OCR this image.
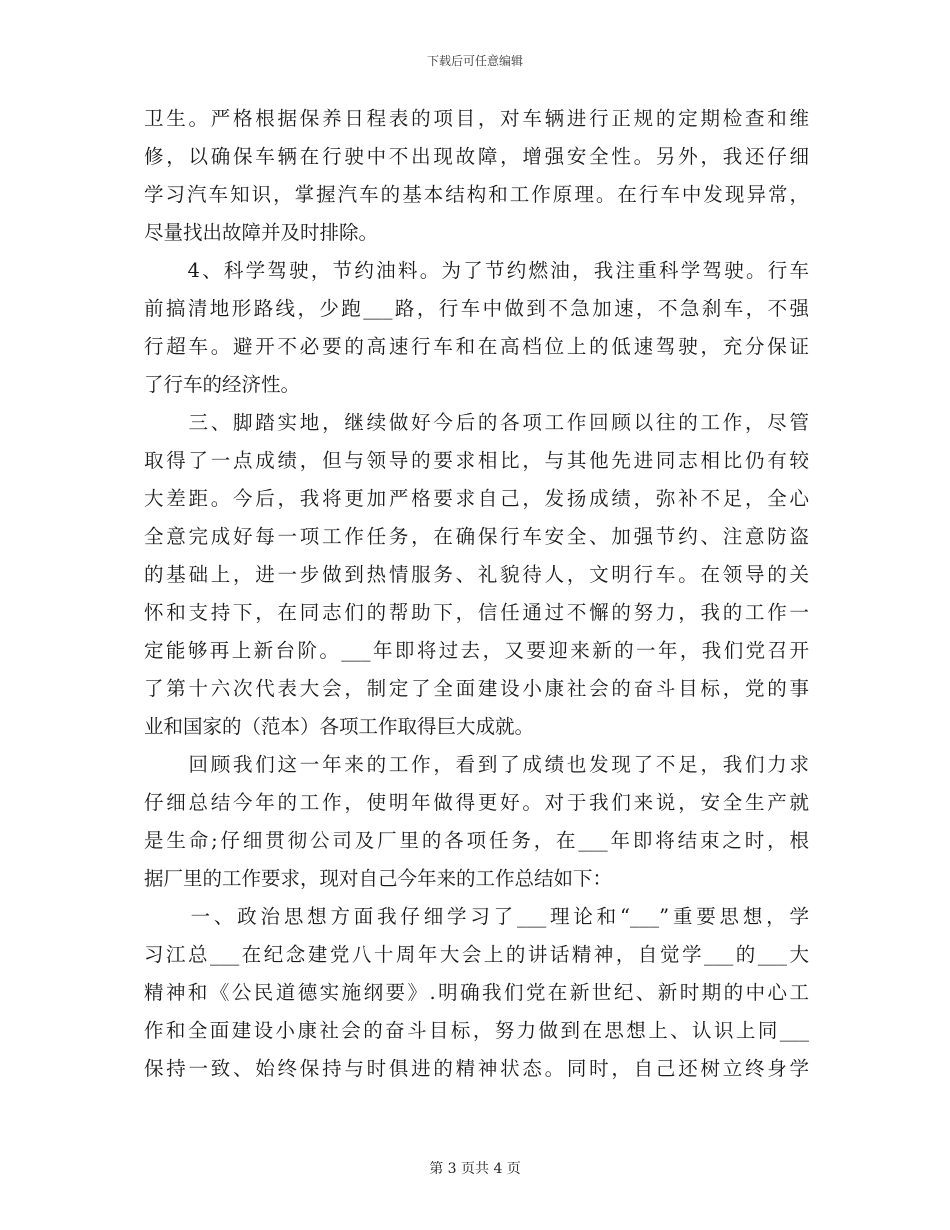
下载后可任意编辑
卫生。严格根据保养日程表的项目，对车辆进行正规的定期检查和维
修，以确保车辆在行驶中不出现故障，增强安全性。另外，我还仔细
学习汽车知识，掌握汽车的基本结构和工作原理。在行车中发现异常，
尽量找出故障并及时排除。
　　4、科学驾驶，节约油料。为了节约燃油，我注重科学驾驶。行车
前搞清地形路线，少跑___路，行车中做到不急加速，不急刹车，不强
行超车。避开不必要的高速行车和在高档位上的低速驾驶，充分保证
了行车的经济性。
　　三、脚踏实地，继续做好今后的各项工作回顾以往的工作，尽管
取得了一点成绩，但与领导的要求相比，与其他先进同志相比仍有较
大差距。今后，我将更加严格要求自己，发扬成绩，弥补不足，全心
全意完成好每一项工作任务，在确保行车安全、加强节约、注意防盗
的基础上，进一步做到热情服务、礼貌待人，文明行车。在领导的关
怀和支持下，在同志们的帮助下，信任通过不懈的努力，我的工作一
定能够再上新台阶。___年即将过去，又要迎来新的一年，我们党召开
了第十六次代表大会，制定了全面建设小康社会的奋斗目标，党的事
业和国家的（范本）各项工作取得巨大成就。
　　回顾我们这一年来的工作，看到了成绩也发现了不足，我们力求
仔细总结今年的工作，使明年做得更好。对于我们来说，安全生产就
是生命;仔细贯彻公司及厂里的各项任务，在___年即将结束之时，根
据厂里的工作要求，现对自己今年来的工作总结如下：
　　一、政治思想方面我仔细学习了___理论和“___”重要思想，学
习江总___在纪念建党八十周年大会上的讲话精神，自觉学___的___大
精神和《公民道德实施纲要》.明确我们党在新世纪、新时期的中心工
作和全面建设小康社会的奋斗目标，努力做到在思想上、认识上同___
保持一致、始终保持与时俱进的精神状态。同时，自己还树立终身学
第 3 页共 4 页
